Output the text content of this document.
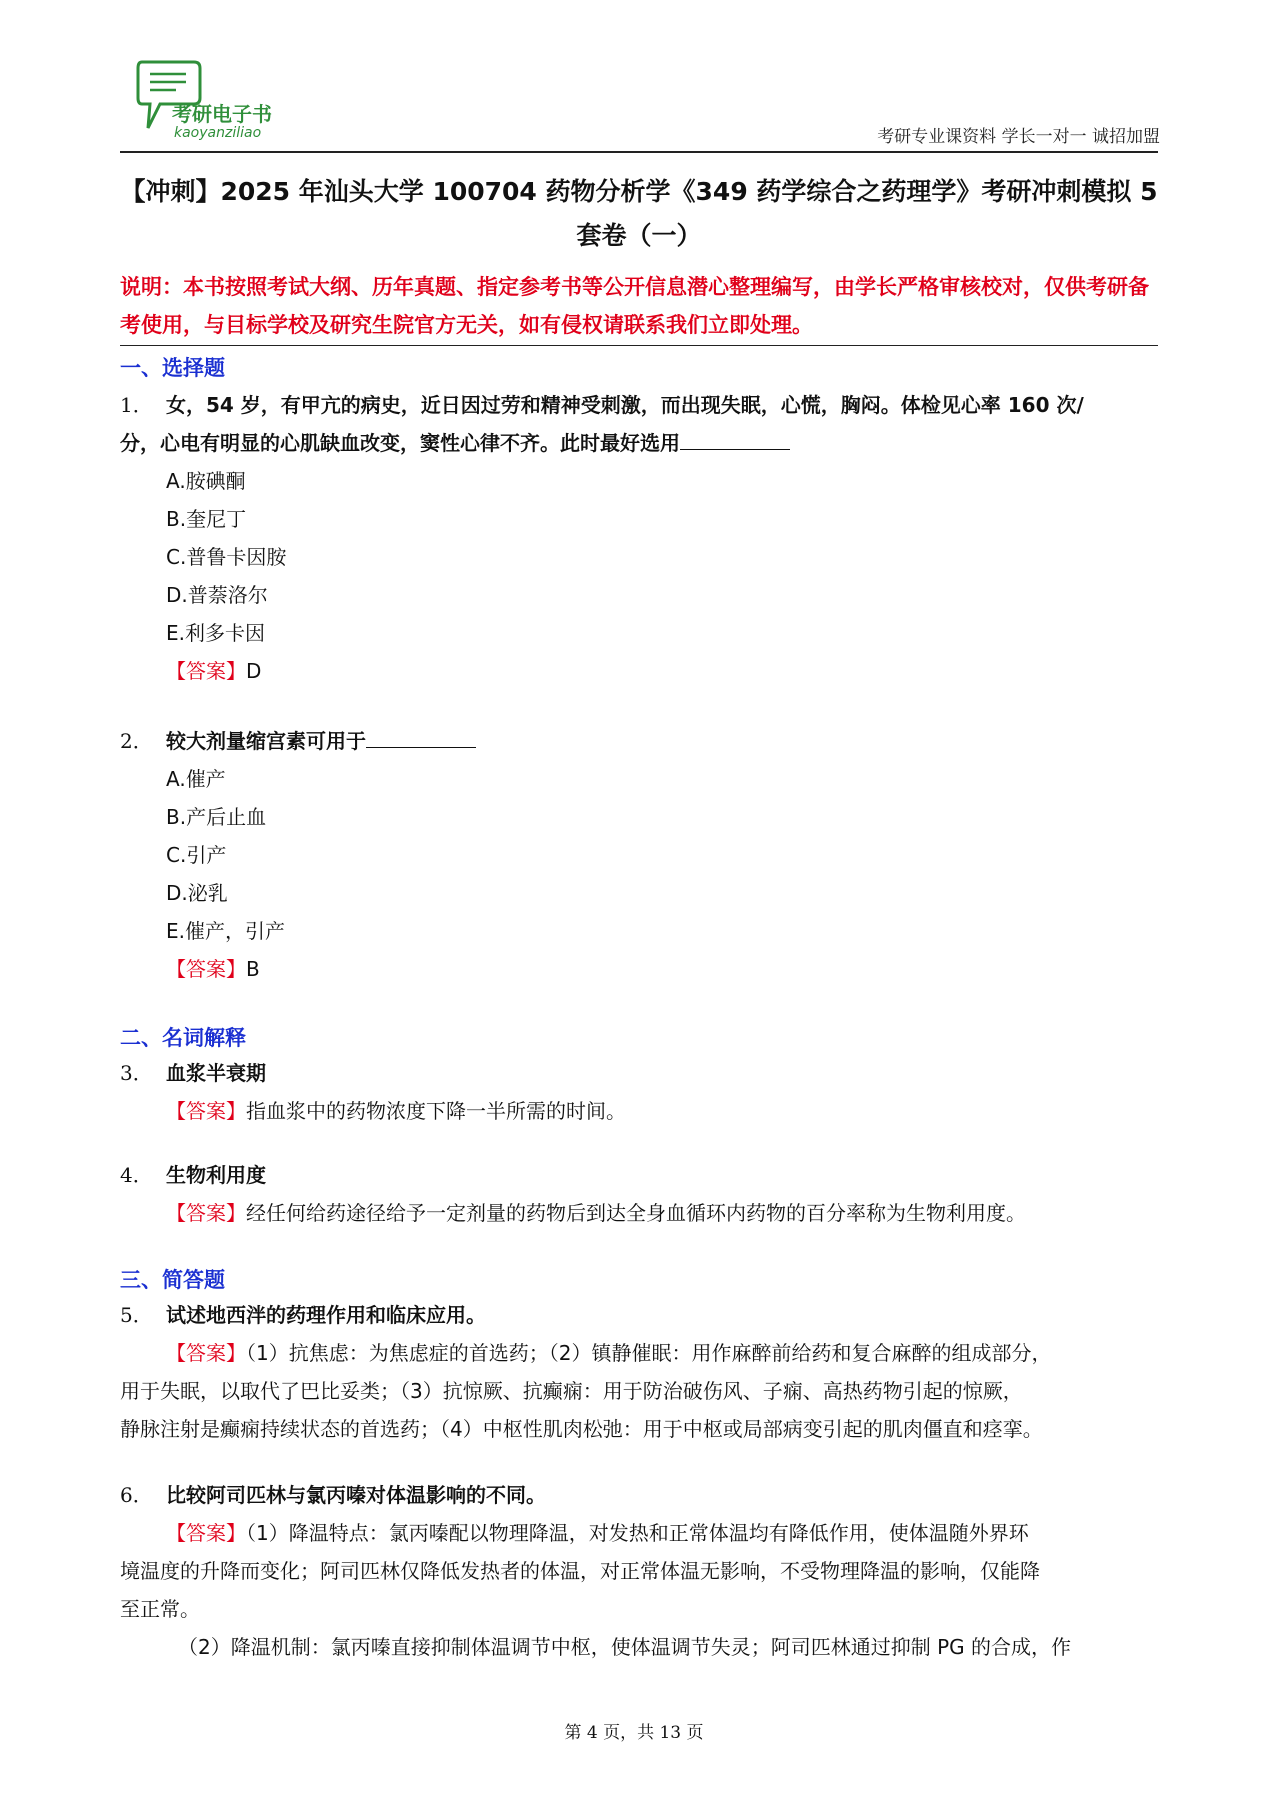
考研电子书
kaoyanziliao	考研专业课资料 学长一对一 诚招加盟
【冲刺】2025 年汕头大学 100704 药物分析学《349 药学综合之药理学》考研冲刺模拟 5
套卷（一）
说明：本书按照考试大纲、历年真题、指定参考书等公开信息潜心整理编写，由学长严格审核校对，仅供考研备考使用，与目标学校及研究生院官方无关，如有侵权请联系我们立即处理。
一、选择题
1． 女，54 岁，有甲亢的病史，近日因过劳和精神受刺激，而出现失眠，心慌，胸闷。体检见心率 160 次/
分，心电有明显的心肌缺血改变，窦性心律不齐。此时最好选用
A.胺碘酮
B.奎尼丁
C.普鲁卡因胺
D.普萘洛尔
E.利多卡因
【答案】D
2． 较大剂量缩宫素可用于
A.催产
B.产后止血
C.引产
D.泌乳
E.催产，引产
【答案】B
二、名词解释
3． 血浆半衰期
【答案】指血浆中的药物浓度下降一半所需的时间。
4． 生物利用度
【答案】经任何给药途径给予一定剂量的药物后到达全身血循环内药物的百分率称为生物利用度。
三、简答题
5． 试述地西泮的药理作用和临床应用。
【答案】（1）抗焦虑：为焦虑症的首选药；（2）镇静催眠：用作麻醉前给药和复合麻醉的组成部分，
用于失眠，以取代了巴比妥类；（3）抗惊厥、抗癫痫：用于防治破伤风、子痫、高热药物引起的惊厥，
静脉注射是癫痫持续状态的首选药；（4）中枢性肌肉松弛：用于中枢或局部病变引起的肌肉僵直和痉挛。
6． 比较阿司匹林与氯丙嗪对体温影响的不同。
【答案】（1）降温特点：氯丙嗪配以物理降温，对发热和正常体温均有降低作用，使体温随外界环
境温度的升降而变化；阿司匹林仅降低发热者的体温，对正常体温无影响，不受物理降温的影响，仅能降
至正常。
（2）降温机制：氯丙嗪直接抑制体温调节中枢，使体温调节失灵；阿司匹林通过抑制 PG 的合成，作
第 4 页，共 13 页
